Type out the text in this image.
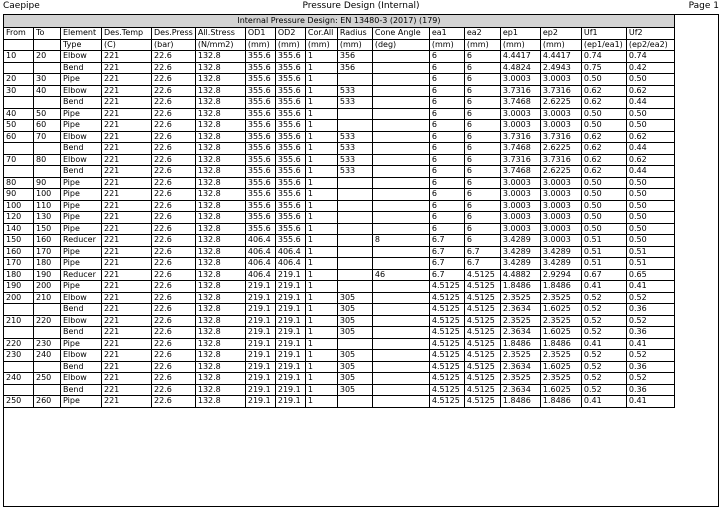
Caepipe	Pressure Design (Internal)	Page 1
Internal Pressure Design: EN 13480-3 (2017) (179)																
From	To	Element	Des.Temp	Des.Press	All.Stress	OD1	OD2	Cor.All	Radius	Cone Angle	ea1	ea2	ep1	ep2	Uf1	Uf2
		Type	(C)	(bar)	(N/mm2)	(mm)	(mm)	(mm)	(mm)	(deg)	(mm)	(mm)	(mm)	(mm)	(ep1/ea1)	(ep2/ea2)
10	20	Elbow	221	22.6	132.8	355.6	355.6	1	356		6	6	4.4417	4.4417	0.74	0.74
		Bend	221	22.6	132.8	355.6	355.6	1	356		6	6	4.4824	2.4943	0.75	0.42
20	30	Pipe	221	22.6	132.8	355.6	355.6	1			6	6	3.0003	3.0003	0.50	0.50
30	40	Elbow	221	22.6	132.8	355.6	355.6	1	533		6	6	3.7316	3.7316	0.62	0.62
		Bend	221	22.6	132.8	355.6	355.6	1	533		6	6	3.7468	2.6225	0.62	0.44
40	50	Pipe	221	22.6	132.8	355.6	355.6	1			6	6	3.0003	3.0003	0.50	0.50
50	60	Pipe	221	22.6	132.8	355.6	355.6	1			6	6	3.0003	3.0003	0.50	0.50
60	70	Elbow	221	22.6	132.8	355.6	355.6	1	533		6	6	3.7316	3.7316	0.62	0.62
		Bend	221	22.6	132.8	355.6	355.6	1	533		6	6	3.7468	2.6225	0.62	0.44
70	80	Elbow	221	22.6	132.8	355.6	355.6	1	533		6	6	3.7316	3.7316	0.62	0.62
		Bend	221	22.6	132.8	355.6	355.6	1	533		6	6	3.7468	2.6225	0.62	0.44
80	90	Pipe	221	22.6	132.8	355.6	355.6	1			6	6	3.0003	3.0003	0.50	0.50
90	100	Pipe	221	22.6	132.8	355.6	355.6	1			6	6	3.0003	3.0003	0.50	0.50
100	110	Pipe	221	22.6	132.8	355.6	355.6	1			6	6	3.0003	3.0003	0.50	0.50
120	130	Pipe	221	22.6	132.8	355.6	355.6	1			6	6	3.0003	3.0003	0.50	0.50
140	150	Pipe	221	22.6	132.8	355.6	355.6	1			6	6	3.0003	3.0003	0.50	0.50
150	160	Reducer	221	22.6	132.8	406.4	355.6	1		8	6.7	6	3.4289	3.0003	0.51	0.50
160	170	Pipe	221	22.6	132.8	406.4	406.4	1			6.7	6.7	3.4289	3.4289	0.51	0.51
170	180	Pipe	221	22.6	132.8	406.4	406.4	1			6.7	6.7	3.4289	3.4289	0.51	0.51
180	190	Reducer	221	22.6	132.8	406.4	219.1	1		46	6.7	4.5125	4.4882	2.9294	0.67	0.65
190	200	Pipe	221	22.6	132.8	219.1	219.1	1			4.5125	4.5125	1.8486	1.8486	0.41	0.41
200	210	Elbow	221	22.6	132.8	219.1	219.1	1	305		4.5125	4.5125	2.3525	2.3525	0.52	0.52
		Bend	221	22.6	132.8	219.1	219.1	1	305		4.5125	4.5125	2.3634	1.6025	0.52	0.36
210	220	Elbow	221	22.6	132.8	219.1	219.1	1	305		4.5125	4.5125	2.3525	2.3525	0.52	0.52
		Bend	221	22.6	132.8	219.1	219.1	1	305		4.5125	4.5125	2.3634	1.6025	0.52	0.36
220	230	Pipe	221	22.6	132.8	219.1	219.1	1			4.5125	4.5125	1.8486	1.8486	0.41	0.41
230	240	Elbow	221	22.6	132.8	219.1	219.1	1	305		4.5125	4.5125	2.3525	2.3525	0.52	0.52
		Bend	221	22.6	132.8	219.1	219.1	1	305		4.5125	4.5125	2.3634	1.6025	0.52	0.36
240	250	Elbow	221	22.6	132.8	219.1	219.1	1	305		4.5125	4.5125	2.3525	2.3525	0.52	0.52
		Bend	221	22.6	132.8	219.1	219.1	1	305		4.5125	4.5125	2.3634	1.6025	0.52	0.36
250	260	Pipe	221	22.6	132.8	219.1	219.1	1			4.5125	4.5125	1.8486	1.8486	0.41	0.41
